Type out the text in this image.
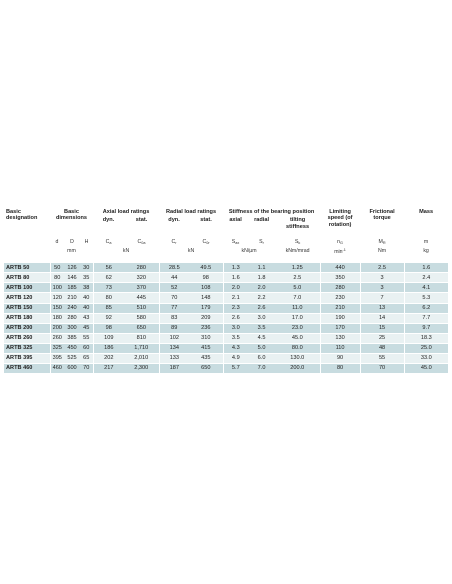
Basic
designation	Basic
dimensions			Axial load ratings		Radial load ratings		Stiffness of the bearing position			Limiting
speed (of
rotation)	Frictional
torque	Mass
				dyn.	stat.	dyn.	stat.	axial	radial	tilting
stiffness			

	d	D	H	$C_a$	$C_{0a}$	$C_r$	$C_{0r}$	$S_{ax}$	$S_r$	$S_k$	$n_G$	$M_R$	m
	mm			kN		kN		kN/µm		kNm/mrad	$\min^{-1}$	Nm	kg
ARTB 50	50	126	30	56	280	28.5	49.5	1.3	1.1	1.25	440	2.5	1.6
ARTB 80	80	146	35	62	320	44	98	1.6	1.8	2.5	350	3	2.4
ARTB 100	100	185	38	73	370	52	108	2.0	2.0	5.0	280	3	4.1
ARTB 120	120	210	40	80	445	70	148	2.1	2.2	7.0	230	7	5.3
ARTB 150	150	240	40	85	510	77	179	2.3	2.6	11.0	210	13	6.2
ARTB 180	180	280	43	92	580	83	209	2.6	3.0	17.0	190	14	7.7
ARTB 200	200	300	45	98	650	89	236	3.0	3.5	23.0	170	15	9.7
ARTB 260	260	385	55	109	810	102	310	3.5	4.5	45.0	130	25	18.3
ARTB 325	325	450	60	186	1,710	134	415	4.3	5.0	80.0	110	48	25.0
ARTB 395	395	525	65	202	2,010	133	435	4.9	6.0	130.0	90	55	33.0
ARTB 460	460	600	70	217	2,300	187	650	5.7	7.0	200.0	80	70	45.0
